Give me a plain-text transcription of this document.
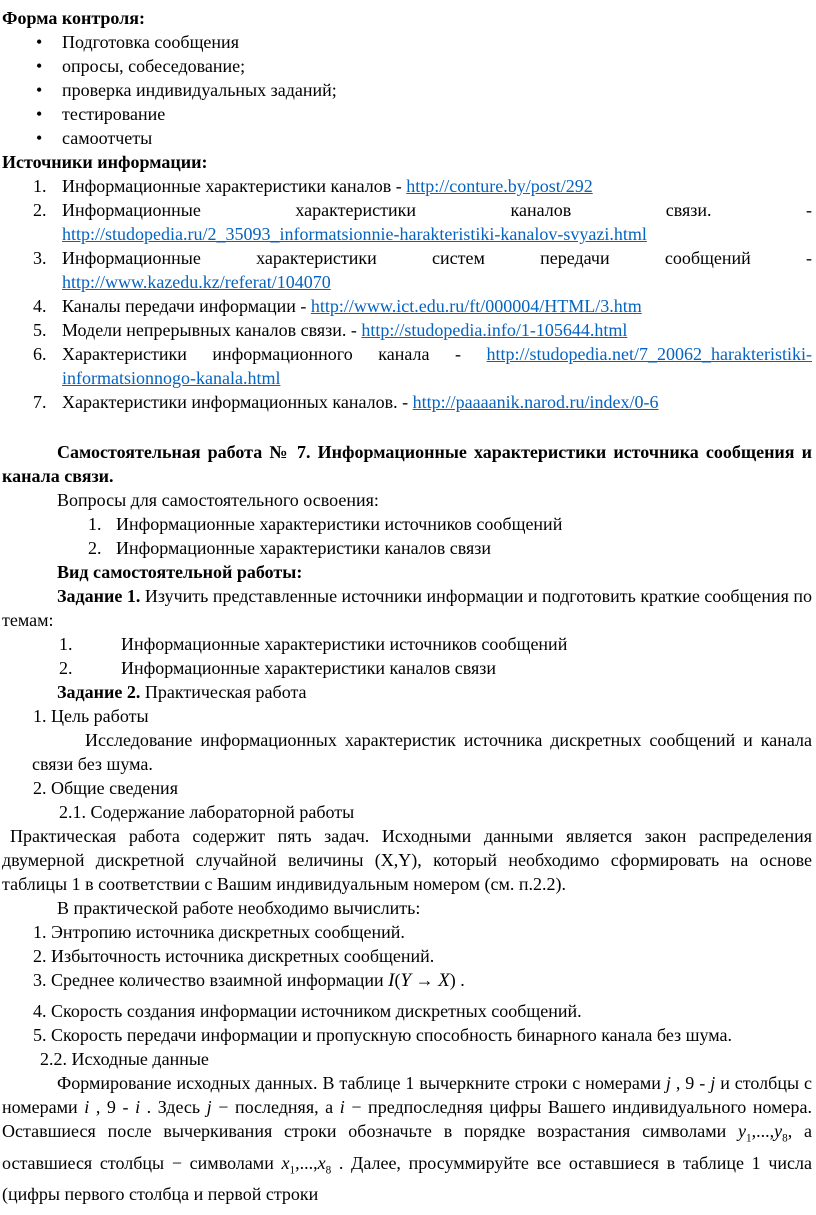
Форма контроля:

• Подготовка сообщения
• опросы, собеседование;
• проверка индивидуальных заданий;
• тестирование
• самоотчеты

Источники информации:

1. Информационные характеристики каналов - http://conture.by/post/292
2. Информационные характеристики каналов связи. - http://studopedia.ru/2_35093_informatsionnie-harakteristiki-kanalov-svyazi.html
3. Информационные характеристики систем передачи сообщений - http://www.kazedu.kz/referat/104070
4. Каналы передачи информации - http://www.ict.edu.ru/ft/000004/HTML/3.htm
5. Модели непрерывных каналов связи. - http://studopedia.info/1-105644.html
6. Характеристики информационного канала - http://studopedia.net/7_20062_harakteristiki-informatsionnogo-kanala.html
7. Характеристики информационных каналов. - http://paaaanik.narod.ru/index/0-6

Самостоятельная работа № 7. Информационные характеристики источника сообщения и канала связи.

Вопросы для самостоятельного освоения:

1. Информационные характеристики источников сообщений
2. Информационные характеристики каналов связи

Вид самостоятельной работы:

Задание 1. Изучить представленные источники информации и подготовить краткие сообщения по темам:

1.	Информационные характеристики источников сообщений
2.	Информационные характеристики каналов связи

Задание 2. Практическая работа

1. Цель работы

Исследование информационных характеристик источника дискретных сообщений и канала связи без шума.

2. Общие сведения

2.1. Содержание лабораторной работы

Практическая работа содержит пять задач. Исходными данными является закон распределения двумерной дискретной случайной величины (X,Y), который необходимо сформировать на основе таблицы 1 в соответствии с Вашим индивидуальным номером (см. п.2.2).

В практической работе необходимо вычислить:

1. Энтропию источника дискретных сообщений.

2. Избыточность источника дискретных сообщений.

3. Среднее количество взаимной информации I(Y → X) .

4. Скорость создания информации источником дискретных сообщений.

5. Скорость передачи информации и пропускную способность бинарного канала без шума.

2.2. Исходные данные

Формирование исходных данных. В таблице 1 вычеркните строки с номерами j , 9 - j и столбцы с номерами i , 9 - i . Здесь j − последняя, а i − предпоследняя цифры Вашего индивидуального номера. Оставшиеся после вычеркивания строки обозначьте в порядке возрастания символами $y_1,...,y_8$, а оставшиеся столбцы − символами $x_1,...,x_8$ . Далее, просуммируйте все оставшиеся в таблице 1 числа (цифры первого столбца и первой строки
